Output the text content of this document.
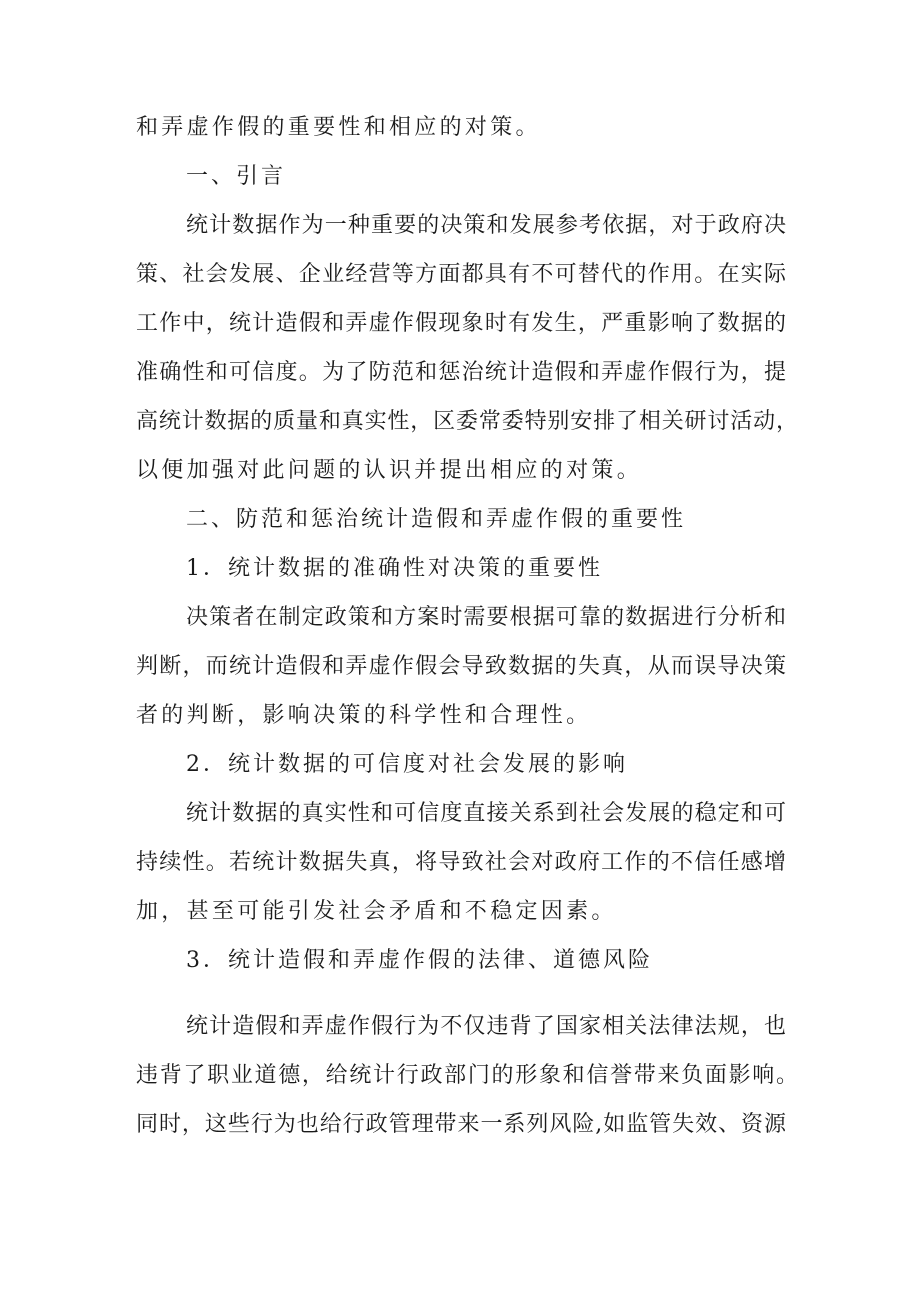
和弄虚作假的重要性和相应的对策。
一、引言
统计数据作为一种重要的决策和发展参考依据，对于政府决
策、社会发展、企业经营等方面都具有不可替代的作用。在实际
工作中，统计造假和弄虚作假现象时有发生，严重影响了数据的
准确性和可信度。为了防范和惩治统计造假和弄虚作假行为，提
高统计数据的质量和真实性，区委常委特别安排了相关研讨活动，
以便加强对此问题的认识并提出相应的对策。
二、防范和惩治统计造假和弄虚作假的重要性
1．统计数据的准确性对决策的重要性
决策者在制定政策和方案时需要根据可靠的数据进行分析和
判断，而统计造假和弄虚作假会导致数据的失真，从而误导决策
者的判断，影响决策的科学性和合理性。
2．统计数据的可信度对社会发展的影响
统计数据的真实性和可信度直接关系到社会发展的稳定和可
持续性。若统计数据失真，将导致社会对政府工作的不信任感增
加，甚至可能引发社会矛盾和不稳定因素。
3．统计造假和弄虚作假的法律、道德风险
统计造假和弄虚作假行为不仅违背了国家相关法律法规，也
违背了职业道德，给统计行政部门的形象和信誉带来负面影响。
同时，这些行为也给行政管理带来一系列风险,如监管失效、资源
